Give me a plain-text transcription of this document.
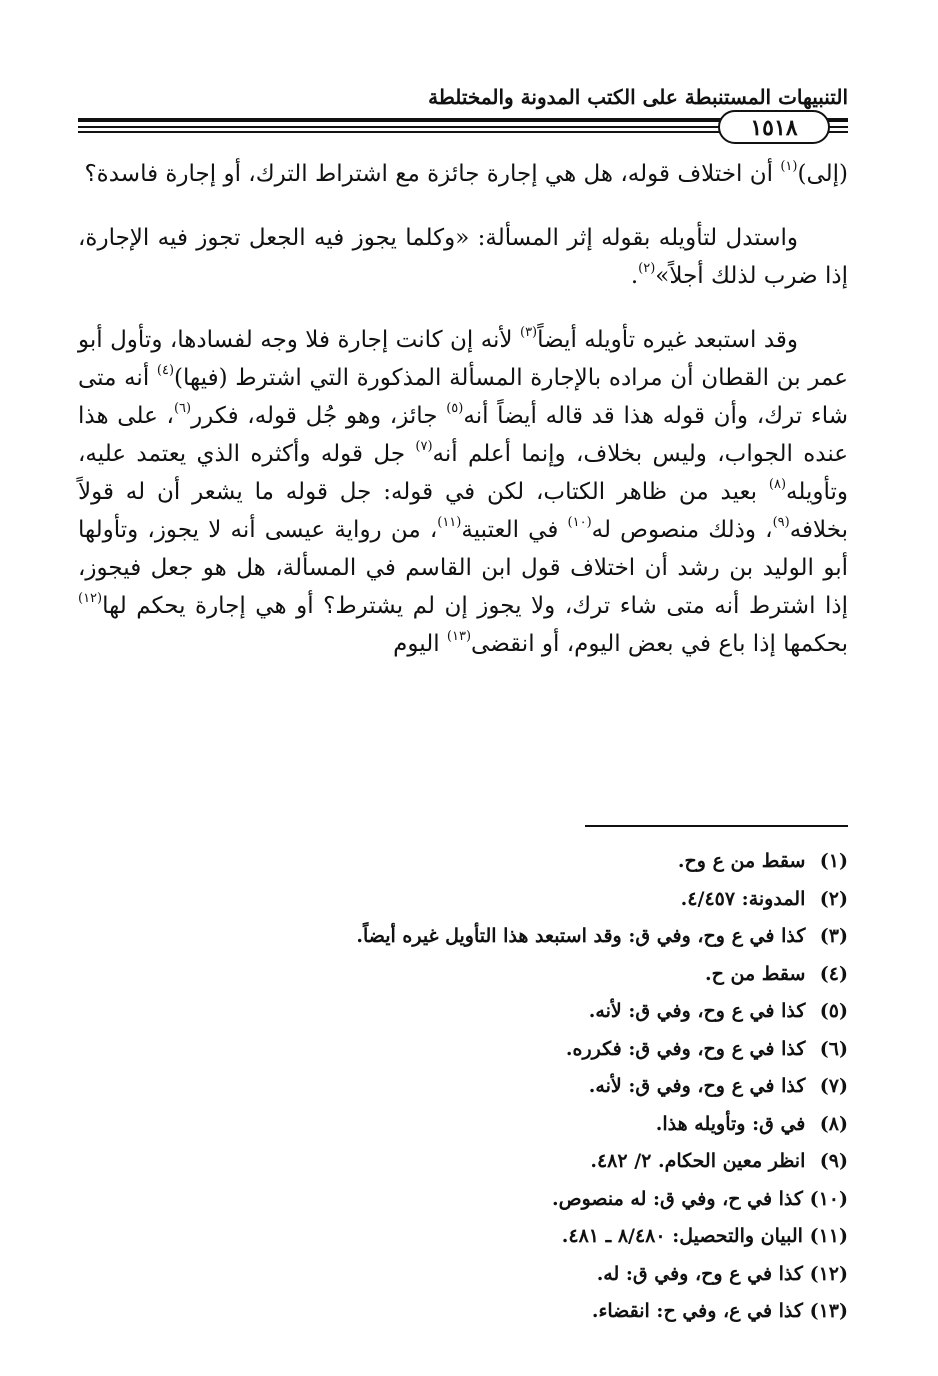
التنبيهات المستنبطة على الكتب المدونة والمختلطة
١٥١٨

(إلى)$^{(١)}$ أن اختلاف قوله، هل هي إجارة جائزة مع اشتراط الترك، أو إجارة فاسدة؟

واستدل لتأويله بقوله إثر المسألة: «وكلما يجوز فيه الجعل تجوز فيه الإجارة، إذا ضرب لذلك أجلاً»$^{(٢)}$.

وقد استبعد غيره تأويله أيضاً$^{(٣)}$ لأنه إن كانت إجارة فلا وجه لفسادها، وتأول أبو عمر بن القطان أن مراده بالإجارة المسألة المذكورة التي اشترط (فيها)$^{(٤)}$ أنه متى شاء ترك، وأن قوله هذا قد قاله أيضاً أنه$^{(٥)}$ جائز، وهو جُل قوله، فكرر$^{(٦)}$، على هذا عنده الجواب، وليس بخلاف، وإنما أعلم أنه$^{(٧)}$ جل قوله وأكثره الذي يعتمد عليه، وتأويله$^{(٨)}$ بعيد من ظاهر الكتاب، لكن في قوله: جل قوله ما يشعر أن له قولاً بخلافه$^{(٩)}$، وذلك منصوص له$^{(١٠)}$ في العتبية$^{(١١)}$، من رواية عيسى أنه لا يجوز، وتأولها أبو الوليد بن رشد أن اختلاف قول ابن القاسم في المسألة، هل هو جعل فيجوز، إذا اشترط أنه متى شاء ترك، ولا يجوز إن لم يشترط؟ أو هي إجارة يحكم لها$^{(١٢)}$ بحكمها إذا باع في بعض اليوم، أو انقضى$^{(١٣)}$ اليوم

(١) سقط من ع وح.
(٢) المدونة: ٤/٤٥٧.
(٣) كذا في ع وح، وفي ق: وقد استبعد هذا التأويل غيره أيضاً.
(٤) سقط من ح.
(٥) كذا في ع وح، وفي ق: لأنه.
(٦) كذا في ع وح، وفي ق: فكرره.
(٧) كذا في ع وح، وفي ق: لأنه.
(٨) في ق: وتأويله هذا.
(٩) انظر معين الحكام. ٢/ ٤٨٢.
(١٠) كذا في ح، وفي ق: له منصوص.
(١١) البيان والتحصيل: ٨/٤٨٠ ـ ٤٨١.
(١٢) كذا في ع وح، وفي ق: له.
(١٣) كذا في ع، وفي ح: انقضاء.
